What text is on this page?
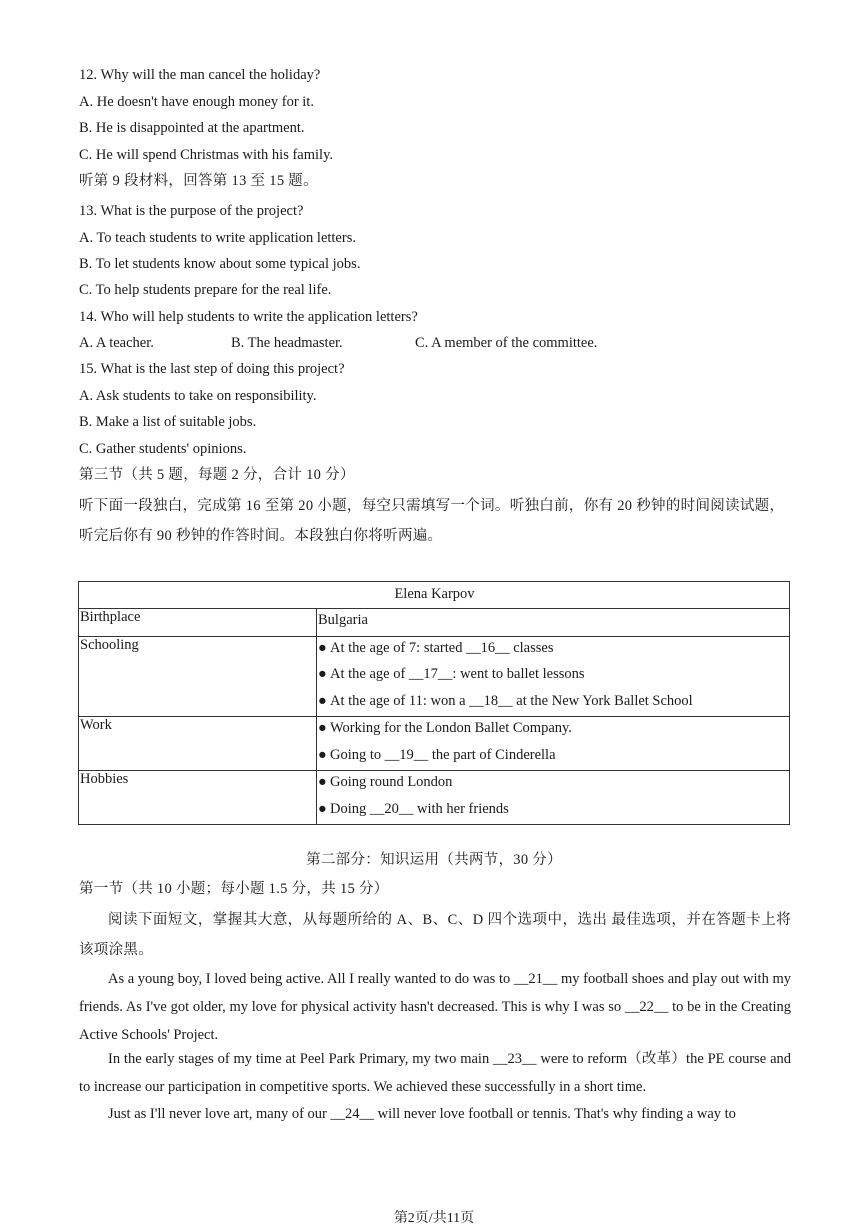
12. Why will the man cancel the holiday?
A. He doesn't have enough money for it.
B. He is disappointed at the apartment.
C. He will spend Christmas with his family.
听第 9 段材料，回答第 13 至 15 题。
13. What is the purpose of the project?
A. To teach students to write application letters.
B. To let students know about some typical jobs.
C. To help students prepare for the real life.
14. Who will help students to write the application letters?
A. A teacher.	B. The headmaster.	C. A member of the committee.
15. What is the last step of doing this project?
A. Ask students to take on responsibility.
B. Make a list of suitable jobs.
C. Gather students' opinions.
第三节（共 5 题，每题 2 分，合计 10 分）
听下面一段独白，完成第 16 至第 20 小题，每空只需填写一个词。听独白前，你有 20 秒钟的时间阅读试题，
听完后你有 90 秒钟的作答时间。本段独白你将听两遍。
Elena Karpov	
Birthplace	Bulgaria

Schooling	● At the age of 7: started __16__ classes
● At the age of __17__: went to ballet lessons
● At the age of 11: won a __18__ at the New York Ballet School

Work	● Working for the London Ballet Company.
● Going to __19__ the part of Cinderella

Hobbies	● Going round London
● Doing __20__ with her friends
第二部分：知识运用（共两节，30 分）
第一节（共 10 小题；每小题 1.5 分，共 15 分）
阅读下面短文，掌握其大意，从每题所给的 A、B、C、D 四个选项中，选出 最佳选项，并在答题卡上将该项涂黑。
As a young boy, I loved being active. All I really wanted to do was to __21__ my football shoes and play out with my friends. As I've got older, my love for physical activity hasn't decreased. This is why I was so __22__ to be in the Creating Active Schools' Project.
In the early stages of my time at Peel Park Primary, my two main __23__ were to reform（改革）the PE course and to increase our participation in competitive sports. We achieved these successfully in a short time.
Just as I'll never love art, many of our __24__ will never love football or tennis. That's why finding a way to
第2页/共11页
